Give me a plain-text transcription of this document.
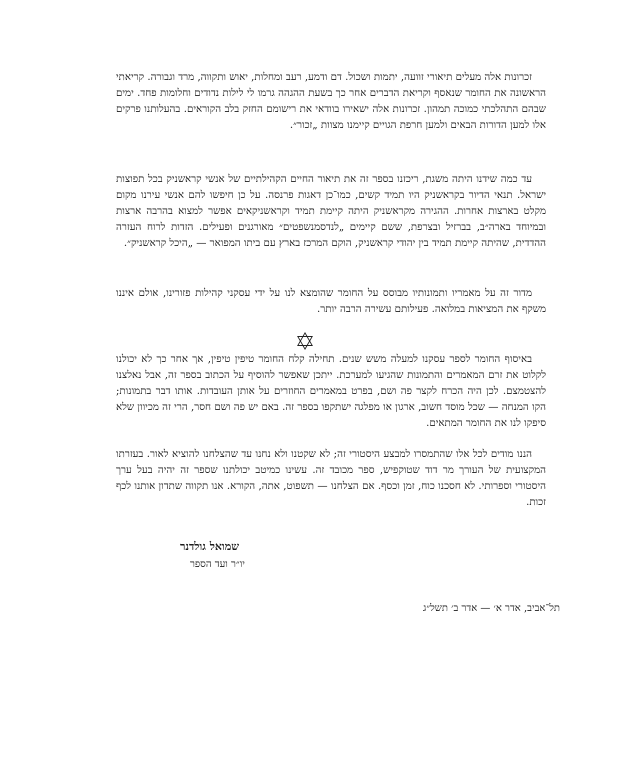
זכרונות אלה מעלים תיאורי זוועה, יתמות ושכול. דם ודמע, רעב ומחלות, יאוש ותקווה, מרד וגבורה. קריאתי הראשונה את החומר שנאסף וקריאת הדברים אחר כך בשעת ההגהה גרמו לי לילות נדודים וחלומות פחד. ימים שבהם התהלכתי כמוכה תמהון. זכרונות אלה ישאירו בוודאי את רישומם החזק בלב הקוראים. בהעלותנו פרקים אלו למען הדורות הבאים ולמען חרפת הגויים קיימנו מצוות „זכור״.

עד כמה שידנו היתה משגת, ריכזנו בספר זה את תיאור החיים הקהילתיים של אנשי קראשניק בכל תפוצות ישראל. תנאי הדיור בקראשניק היו תמיד קשים, כמו־כן דאגות פרנסה. על כן חיפשו להם אנשי עירנו מקום מקלט בארצות אחרות. ההגירה מקראשניק היתה קיימת תמיד וקראשניקאים אפשר למצוא בהרבה ארצות ובמיוחד בארה״ב, בברזיל ובצרפת, ששם קיימים „לנדסמנשפטים״ מאורגנים ופעילים. הזדות לרוח העזרה ההדדית, שהיתה קיימת תמיד בין יהודי קראשניק, הוקם המרכז בארץ עם ביתו המפואר — „היכל קראשניק״.

מדור זה על מאמריו ותמונותיו מבוסס על החומר שהומצא לנו על ידי עסקני קהילות פזורינו, אולם איננו משקף את המציאות במלואה. פעילותם עשירה הרבה יותר.

באיסוף החומר לספר עסקנו למעלה משש שנים. תחילה קלח החומר טיפין טיפין, אך אחר כך לא יכולנו לקלוט את זרם המאמרים והתמונות שהגיעו למערכת. ייתכן שאפשר להוסיף על הכתוב בספר זה, אבל נאלצנו להצטמצם. לכן היה הכרח לקצר פה ושם, בפרט במאמרים החוזרים על אותן העובדות. אותו דבר בתמונות; הקו המנחה — שכל מוסד חשוב, ארגון או מפלגה ישתקפו בספר זה. באם יש פה ושם חסר, הרי זה מכיוון שלא סיפקו לנו את החומר המתאים.

הננו מודים לכל אלו שהתמסרו למבצע היסטורי זה; לא שקטנו ולא נחנו עד שהצלחנו להוציא לאור. בעזרתו המקצועית של העורך מר דוד שטוקפיש, ספר מכובד זה. עשינו כמיטב יכולתנו שספר זה יהיה בעל ערך היסטורי וספרותי. לא חסכנו כוח, זמן וכסף. אם הצלחנו — תשפוט, אתה, הקורא. אנו תקווה שתדון אותנו לכף זכות.

שמואל גולדנר
יו״ר ועד הספר
תל־אביב, אדר א׳ — אדר ב׳ תשל״ג
